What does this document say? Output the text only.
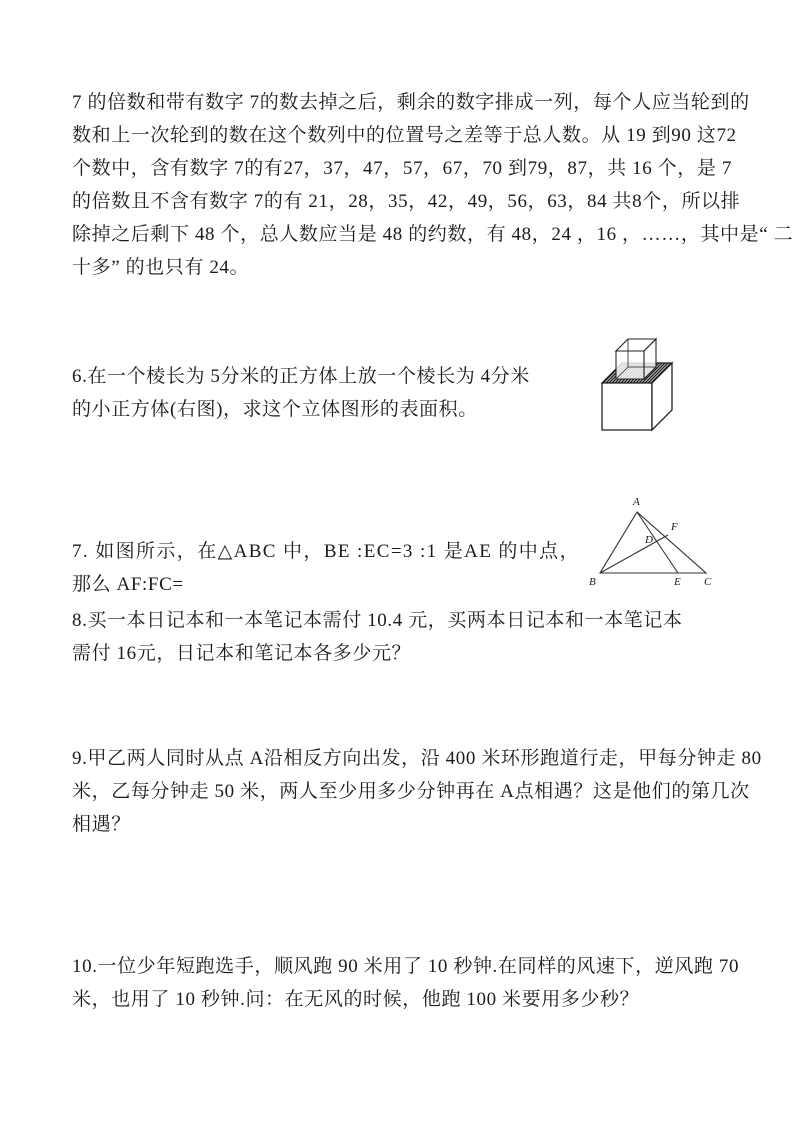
7 的倍数和带有数字 7的数去掉之后，剩余的数字排成一列，每个人应当轮到的
数和上一次轮到的数在这个数列中的位置号之差等于总人数。从 19 到90 这72
个数中，含有数字 7的有27，37，47，57，67，70 到79，87，共 16 个，是 7
的倍数且不含有数字 7的有 21，28，35，42，49，56，63，84 共8个，所以排
除掉之后剩下 48 个，总人数应当是 48 的约数，有 48，24 ，16 ，……，其中是“ 二
十多” 的也只有 24。
6.在一个棱长为 5分米的正方体上放一个棱长为 4分米
的小正方体(右图)，求这个立体图形的表面积。
7. 如图所示，在△ABC 中，BE :EC=3 :1 是AE 的中点，
那么 AF:FC=
A
B	C
D
E
F
8.买一本日记本和一本笔记本需付 10.4 元，买两本日记本和一本笔记本
需付 16元，日记本和笔记本各多少元？
9.甲乙两人同时从点 A沿相反方向出发，沿 400 米环形跑道行走，甲每分钟走 80
米，乙每分钟走 50 米，两人至少用多少分钟再在 A点相遇？这是他们的第几次
相遇？
10.一位少年短跑选手，顺风跑 90 米用了 10 秒钟.在同样的风速下，逆风跑 70
米，也用了 10 秒钟.问：在无风的时候，他跑 100 米要用多少秒？
